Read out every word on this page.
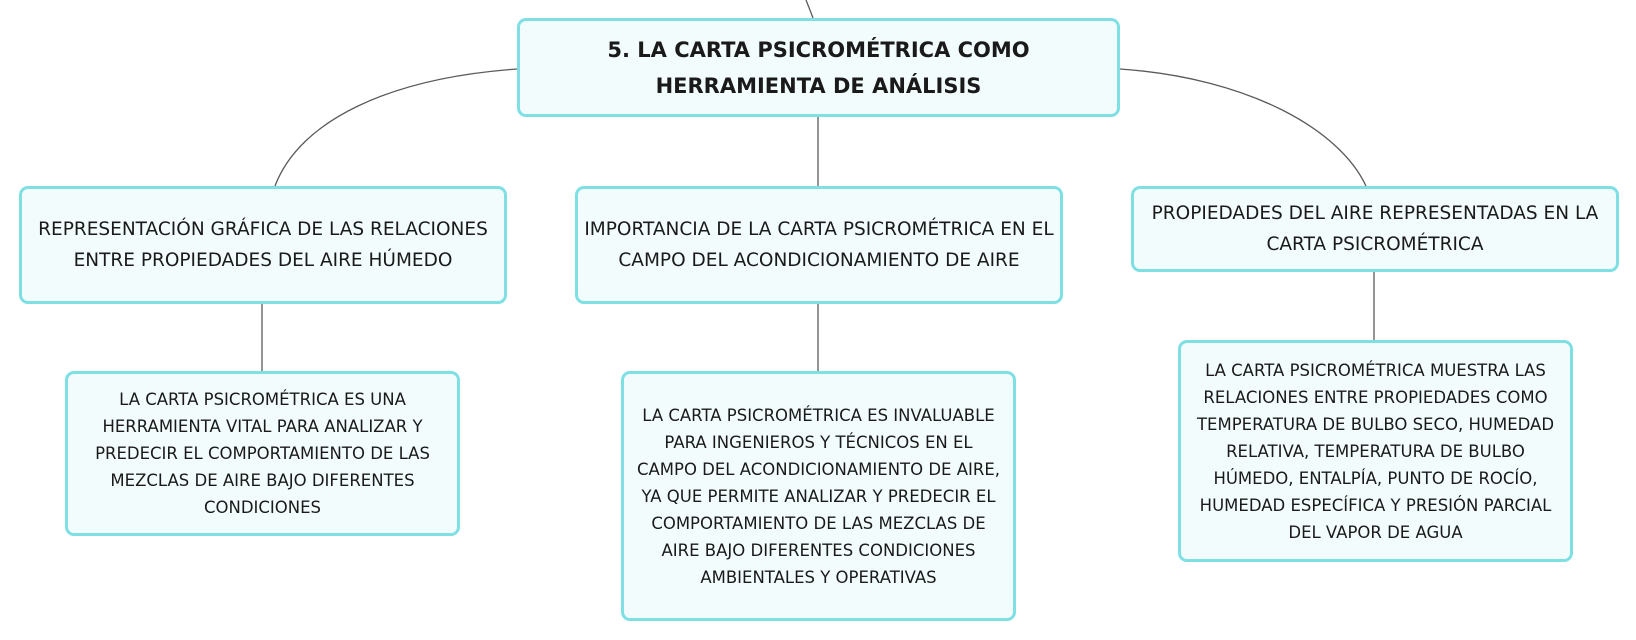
5. LA CARTA PSICROMÉTRICA COMO HERRAMIENTA DE ANÁLISIS
REPRESENTACIÓN GRÁFICA DE LAS RELACIONES ENTRE PROPIEDADES DEL AIRE HÚMEDO
IMPORTANCIA DE LA CARTA PSICROMÉTRICA EN EL CAMPO DEL ACONDICIONAMIENTO DE AIRE
PROPIEDADES DEL AIRE REPRESENTADAS EN LA CARTA PSICROMÉTRICA
LA CARTA PSICROMÉTRICA ES UNA HERRAMIENTA VITAL PARA ANALIZAR Y PREDECIR EL COMPORTAMIENTO DE LAS MEZCLAS DE AIRE BAJO DIFERENTES CONDICIONES
LA CARTA PSICROMÉTRICA ES INVALUABLE PARA INGENIEROS Y TÉCNICOS EN EL CAMPO DEL ACONDICIONAMIENTO DE AIRE, YA QUE PERMITE ANALIZAR Y PREDECIR EL COMPORTAMIENTO DE LAS MEZCLAS DE AIRE BAJO DIFERENTES CONDICIONES AMBIENTALES Y OPERATIVAS
LA CARTA PSICROMÉTRICA MUESTRA LAS RELACIONES ENTRE PROPIEDADES COMO TEMPERATURA DE BULBO SECO, HUMEDAD RELATIVA, TEMPERATURA DE BULBO HÚMEDO, ENTALPÍA, PUNTO DE ROCÍO, HUMEDAD ESPECÍFICA Y PRESIÓN PARCIAL DEL VAPOR DE AGUA
